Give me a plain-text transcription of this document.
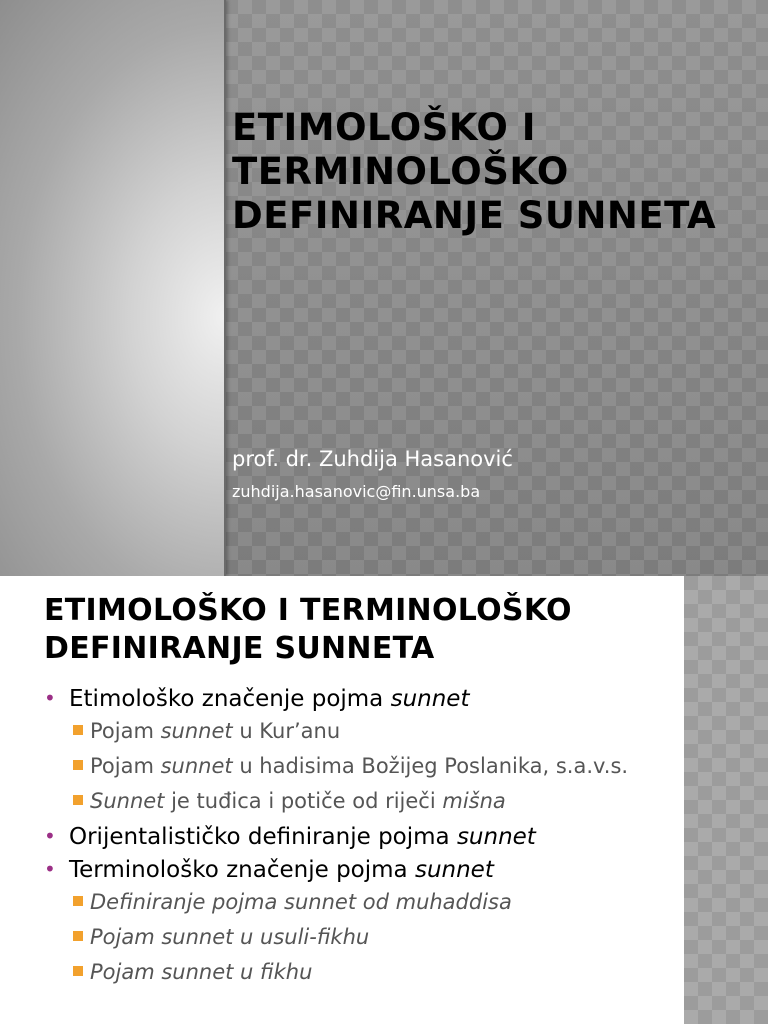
ETIMOLOŠKO I
TERMINOLOŠKO
DEFINIRANJE SUNNETA
prof. dr. Zuhdija Hasanović
zuhdija.hasanovic@fin.unsa.ba
ETIMOLOŠKO I TERMINOLOŠKO
DEFINIRANJE SUNNETA
• Etimološko značenje pojma sunnet
Pojam sunnet u Kur’anu
Pojam sunnet u hadisima Božijeg Poslanika, s.a.v.s.
Sunnet je tuđica i potiče od riječi mišna
• Orijentalističko definiranje pojma sunnet
• Terminološko značenje pojma sunnet
Definiranje pojma sunnet od muhaddisa
Pojam sunnet u usuli-fikhu
Pojam sunnet u fikhu
